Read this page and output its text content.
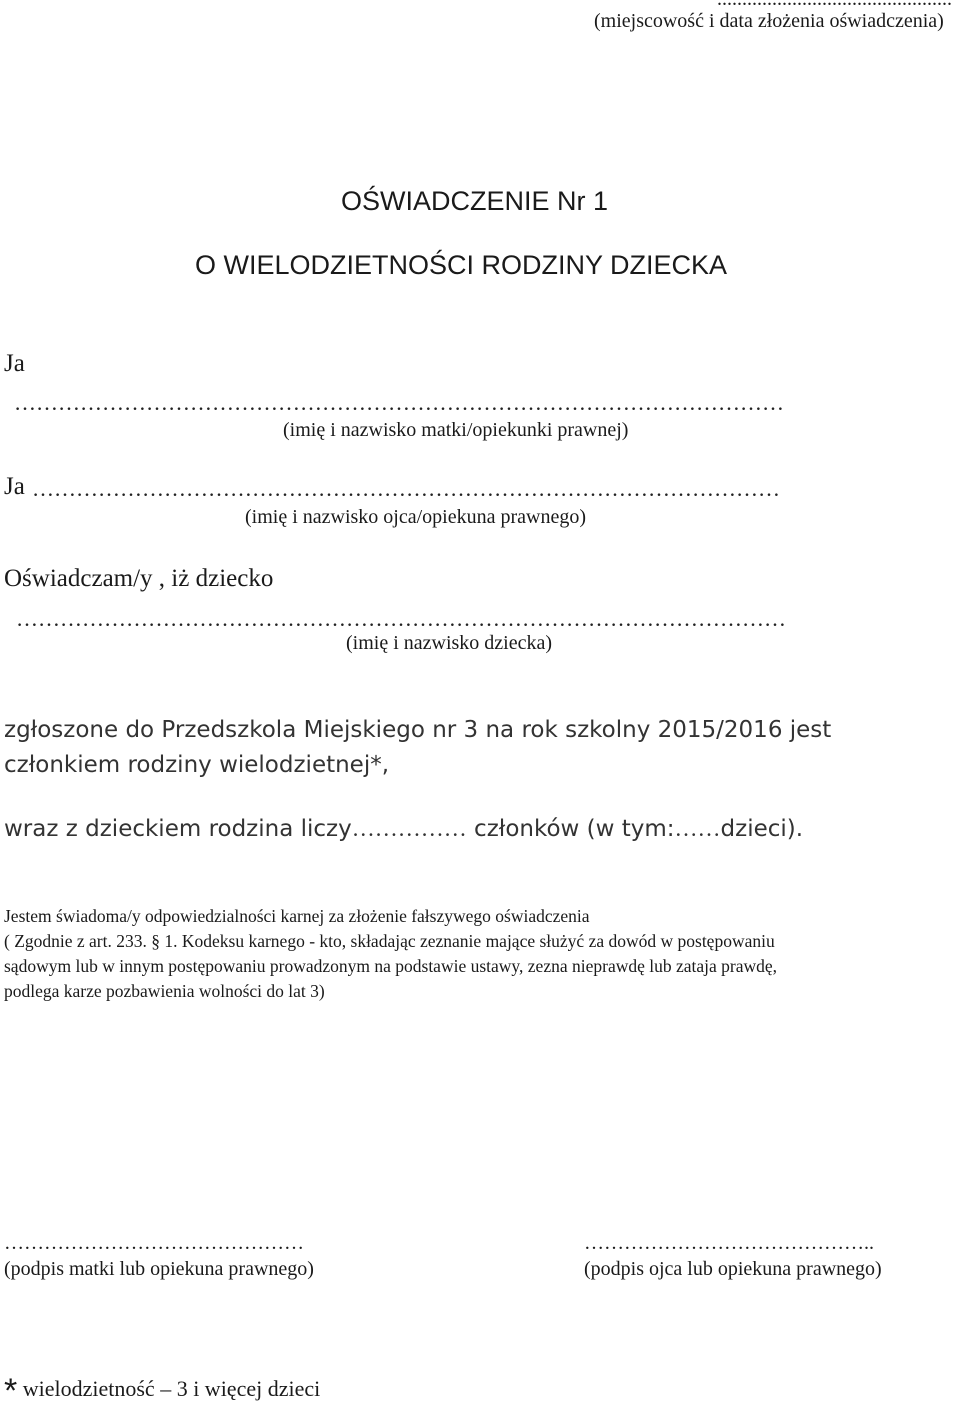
(miejscowość i data złożenia oświadczenia)
OŚWIADCZENIE Nr 1
O WIELODZIETNOŚCI RODZINY DZIECKA
Ja
……………………………………………………………………………………………
(imię i nazwisko matki/opiekunki prawnej)
Ja …………………………………………………………………………………………
(imię i nazwisko ojca/opiekuna prawnego)
Oświadczam/y , iż dziecko
……………………………………………………………………………………………
(imię i nazwisko dziecka)
zgłoszone do Przedszkola Miejskiego nr 3 na rok szkolny 2015/2016 jest
członkiem rodziny wielodzietnej*,
wraz z dzieckiem rodzina liczy…………… członków (w tym:……dzieci).
Jestem świadoma/y odpowiedzialności karnej za złożenie fałszywego oświadczenia
( Zgodnie z art. 233. § 1. Kodeksu karnego - kto, składając zeznanie mające służyć za dowód w postępowaniu
sądowym lub w innym postępowaniu prowadzonym na podstawie ustawy, zezna nieprawdę lub zataja prawdę,
podlega karze pozbawienia wolności do lat 3)
………………………………………
(podpis matki lub opiekuna prawnego)
……………………………………..
(podpis ojca lub opiekuna prawnego)
* wielodzietność – 3 i więcej dzieci
